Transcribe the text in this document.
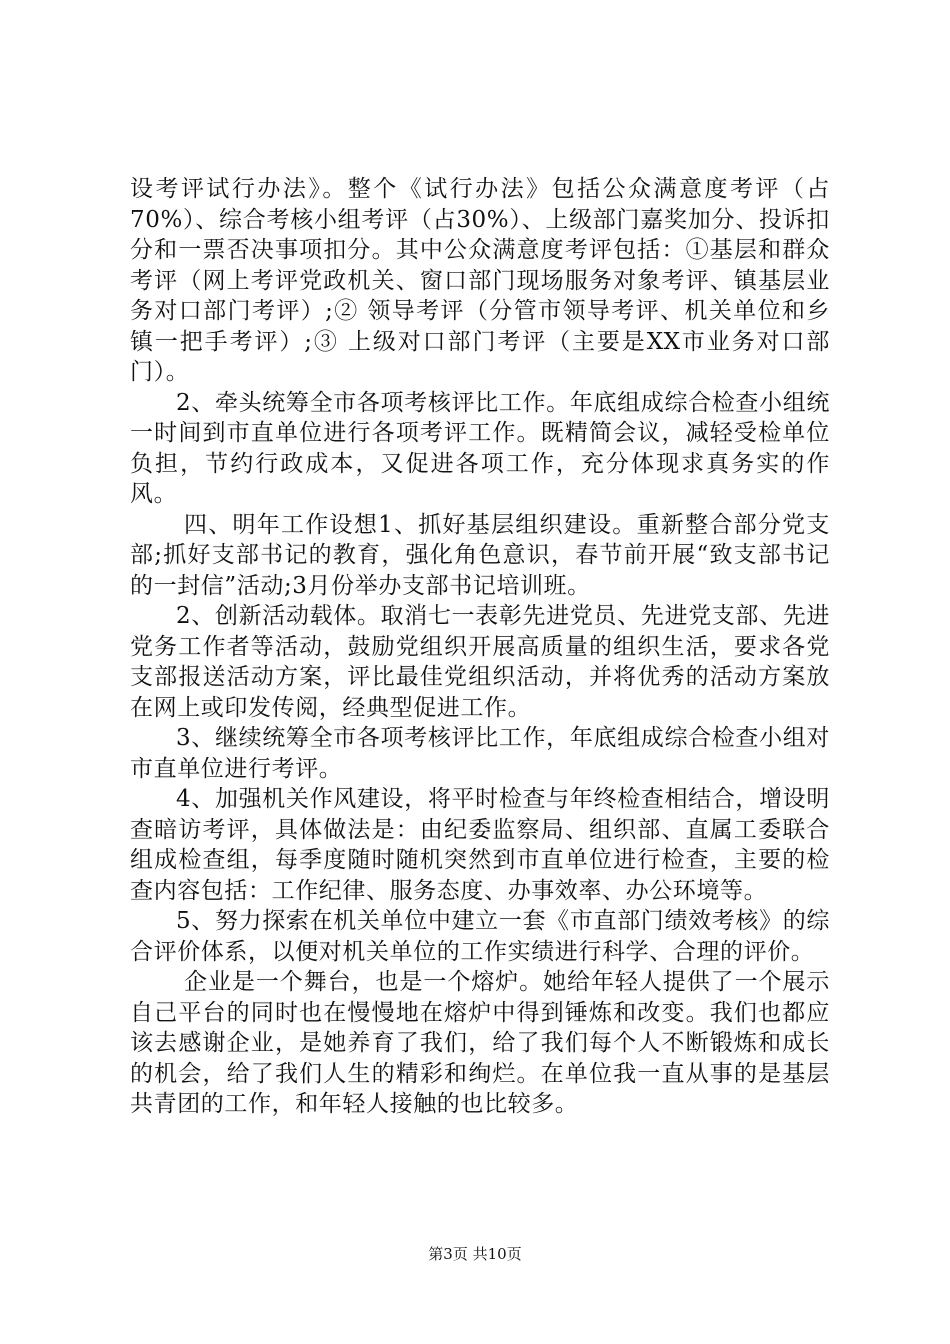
设考评试行办法》。整个《试行办法》包括公众满意度考评（占70%）、综合考核小组考评（占30%）、上级部门嘉奖加分、投诉扣分和一票否决事项扣分。其中公众满意度考评包括：①基层和群众考评（网上考评党政机关、窗口部门现场服务对象考评、镇基层业务对口部门考评）;② 领导考评（分管市领导考评、机关单位和乡镇一把手考评）;③ 上级对口部门考评（主要是XX市业务对口部门）。

2、牵头统筹全市各项考核评比工作。年底组成综合检查小组统一时间到市直单位进行各项考评工作。既精简会议，减轻受检单位负担，节约行政成本，又促进各项工作，充分体现求真务实的作风。

四、明年工作设想1、抓好基层组织建设。重新整合部分党支部;抓好支部书记的教育，强化角色意识，春节前开展“致支部书记的一封信”活动;3月份举办支部书记培训班。

2、创新活动载体。取消七一表彰先进党员、先进党支部、先进党务工作者等活动，鼓励党组织开展高质量的组织生活，要求各党支部报送活动方案，评比最佳党组织活动，并将优秀的活动方案放在网上或印发传阅，经典型促进工作。

3、继续统筹全市各项考核评比工作，年底组成综合检查小组对市直单位进行考评。

4、加强机关作风建设，将平时检查与年终检查相结合，增设明查暗访考评，具体做法是：由纪委监察局、组织部、直属工委联合组成检查组，每季度随时随机突然到市直单位进行检查，主要的检查内容包括：工作纪律、服务态度、办事效率、办公环境等。

5、努力探索在机关单位中建立一套《市直部门绩效考核》的综合评价体系，以便对机关单位的工作实绩进行科学、合理的评价。

企业是一个舞台，也是一个熔炉。她给年轻人提供了一个展示自己平台的同时也在慢慢地在熔炉中得到锤炼和改变。我们也都应该去感谢企业，是她养育了我们，给了我们每个人不断锻炼和成长的机会，给了我们人生的精彩和绚烂。在单位我一直从事的是基层共青团的工作，和年轻人接触的也比较多。

第3页 共10页
